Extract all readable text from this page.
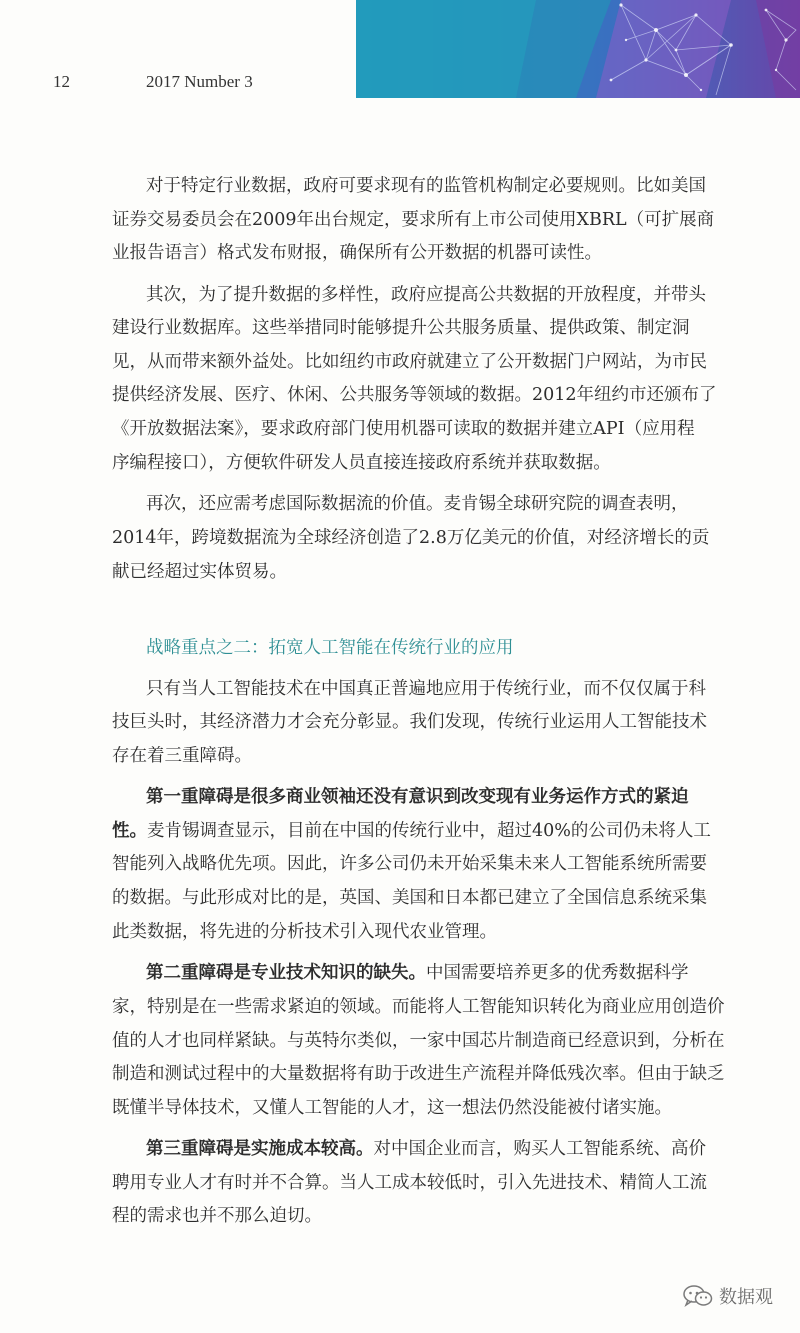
12	2017 Number 3
对于特定行业数据，政府可要求现有的监管机构制定必要规则。比如美国
证券交易委员会在2009年出台规定，要求所有上市公司使用XBRL（可扩展商
业报告语言）格式发布财报，确保所有公开数据的机器可读性。
其次，为了提升数据的多样性，政府应提高公共数据的开放程度，并带头
建设行业数据库。这些举措同时能够提升公共服务质量、提供政策、制定洞
见，从而带来额外益处。比如纽约市政府就建立了公开数据门户网站，为市民
提供经济发展、医疗、休闲、公共服务等领域的数据。2012年纽约市还颁布了
《开放数据法案》，要求政府部门使用机器可读取的数据并建立API（应用程
序编程接口），方便软件研发人员直接连接政府系统并获取数据。
再次，还应需考虑国际数据流的价值。麦肯锡全球研究院的调查表明，
2014年，跨境数据流为全球经济创造了2.8万亿美元的价值，对经济增长的贡
献已经超过实体贸易。
战略重点之二：拓宽人工智能在传统行业的应用
只有当人工智能技术在中国真正普遍地应用于传统行业，而不仅仅属于科
技巨头时，其经济潜力才会充分彰显。我们发现，传统行业运用人工智能技术
存在着三重障碍。
第一重障碍是很多商业领袖还没有意识到改变现有业务运作方式的紧迫
性。麦肯锡调查显示，目前在中国的传统行业中，超过40%的公司仍未将人工
智能列入战略优先项。因此，许多公司仍未开始采集未来人工智能系统所需要
的数据。与此形成对比的是，英国、美国和日本都已建立了全国信息系统采集
此类数据，将先进的分析技术引入现代农业管理。
第二重障碍是专业技术知识的缺失。中国需要培养更多的优秀数据科学
家，特别是在一些需求紧迫的领域。而能将人工智能知识转化为商业应用创造价
值的人才也同样紧缺。与英特尔类似，一家中国芯片制造商已经意识到，分析在
制造和测试过程中的大量数据将有助于改进生产流程并降低残次率。但由于缺乏
既懂半导体技术，又懂人工智能的人才，这一想法仍然没能被付诸实施。
第三重障碍是实施成本较高。对中国企业而言，购买人工智能系统、高价
聘用专业人才有时并不合算。当人工成本较低时，引入先进技术、精简人工流
程的需求也并不那么迫切。
数据观
